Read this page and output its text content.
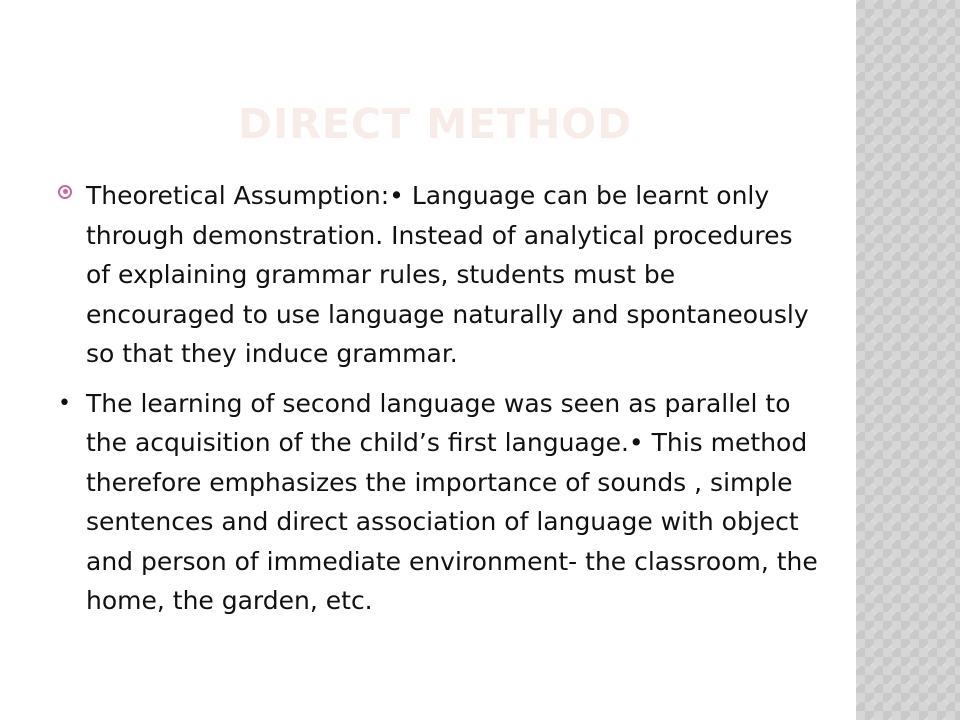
DIRECT METHOD
Theoretical Assumption:• Language can be learnt only through demonstration. Instead of analytical procedures of explaining grammar rules, students must be encouraged to use language naturally and spontaneously so that they induce grammar.
• The learning of second language was seen as parallel to the acquisition of the child’s first language.• This method therefore emphasizes the importance of sounds , simple sentences and direct association of language with object and person of immediate environment- the classroom, the home, the garden, etc.
